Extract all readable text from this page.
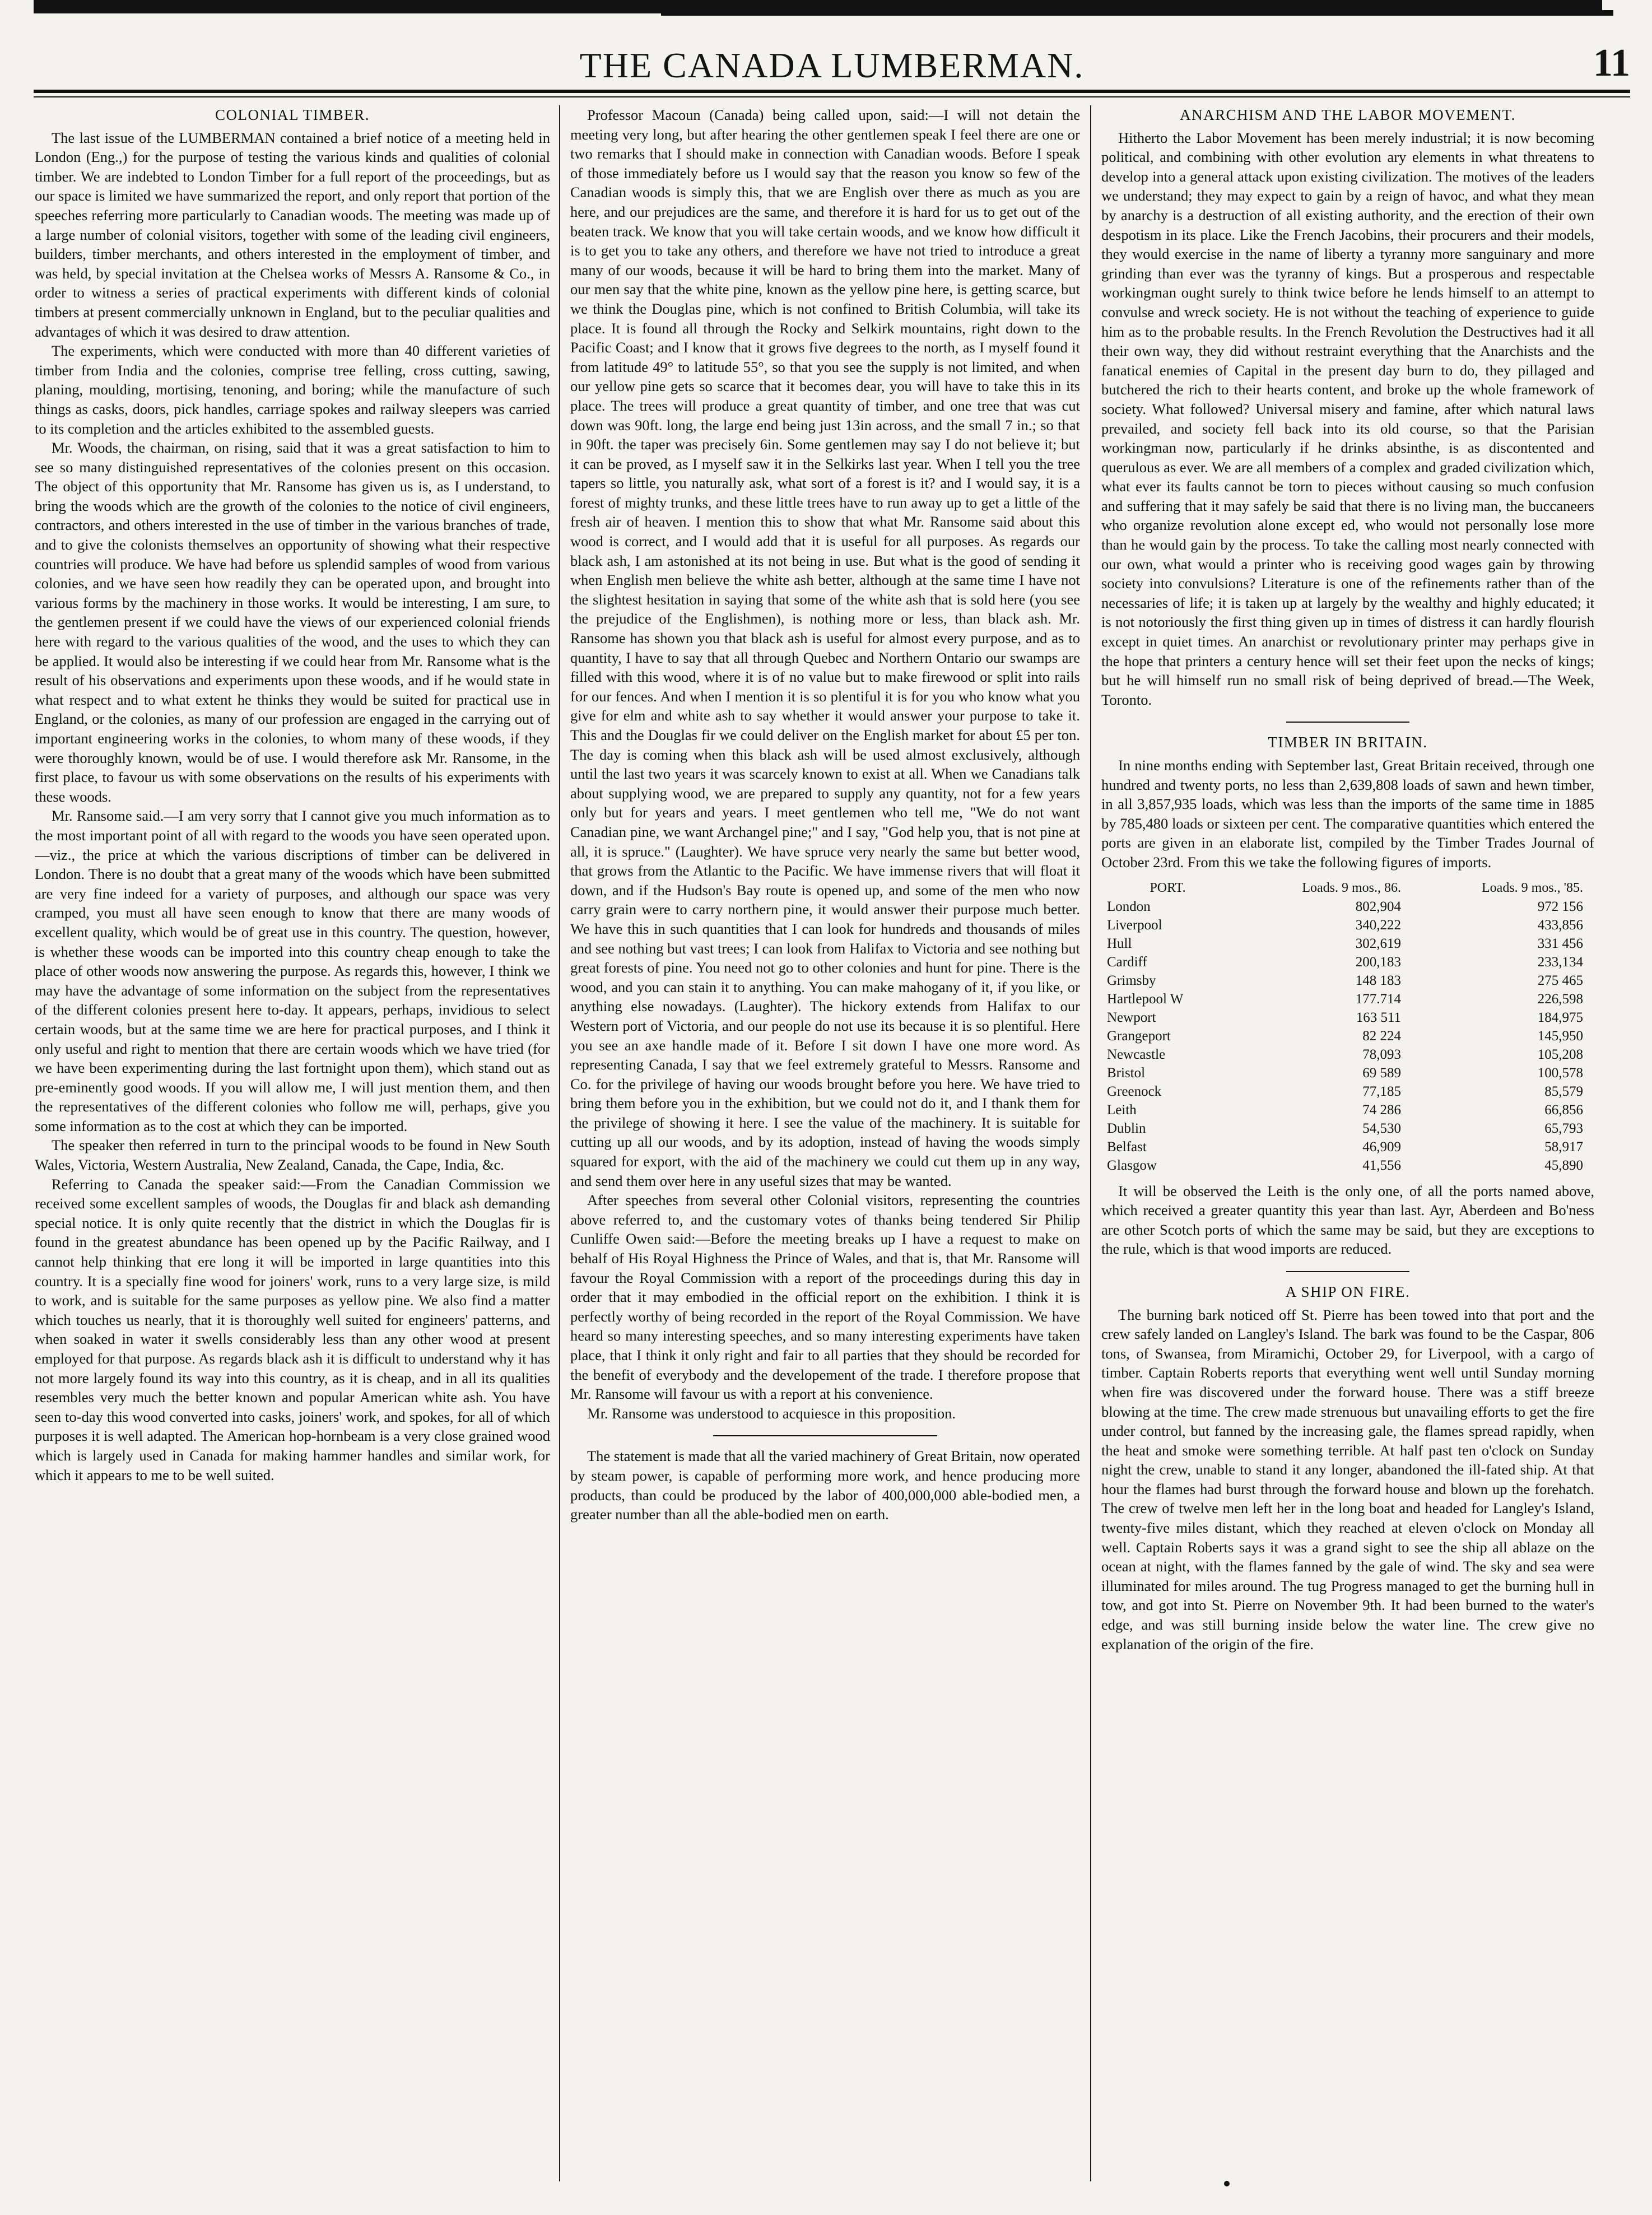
THE CANADA LUMBERMAN.	11
COLONIAL TIMBER.

The last issue of the LUMBERMAN contained a brief notice of a meeting held in London (Eng.,) for the purpose of testing the various kinds and qualities of colonial timber. We are indebted to London Timber for a full report of the proceedings, but as our space is limited we have summarized the report, and only report that portion of the speeches referring more particularly to Canadian woods. The meeting was made up of a large number of colonial visitors, together with some of the leading civil engineers, builders, timber merchants, and others interested in the employment of timber, and was held, by special invitation at the Chelsea works of Messrs A. Ransome & Co., in order to witness a series of practical experiments with different kinds of colonial timbers at present commercially unknown in England, but to the peculiar qualities and advantages of which it was desired to draw attention.

The experiments, which were conducted with more than 40 different varieties of timber from India and the colonies, comprise tree felling, cross cutting, sawing, planing, moulding, mortising, tenoning, and boring; while the manufacture of such things as casks, doors, pick handles, carriage spokes and railway sleepers was carried to its completion and the articles exhibited to the assembled guests.

Mr. Woods, the chairman, on rising, said that it was a great satisfaction to him to see so many distinguished representatives of the colonies present on this occasion. The object of this opportunity that Mr. Ransome has given us is, as I understand, to bring the woods which are the growth of the colonies to the notice of civil engineers, contractors, and others interested in the use of timber in the various branches of trade, and to give the colonists themselves an opportunity of showing what their respective countries will produce. We have had before us splendid samples of wood from various colonies, and we have seen how readily they can be operated upon, and brought into various forms by the machinery in those works. It would be interesting, I am sure, to the gentlemen present if we could have the views of our experienced colonial friends here with regard to the various qualities of the wood, and the uses to which they can be applied. It would also be interesting if we could hear from Mr. Ransome what is the result of his observations and experiments upon these woods, and if he would state in what respect and to what extent he thinks they would be suited for practical use in England, or the colonies, as many of our profession are engaged in the carrying out of important engineering works in the colonies, to whom many of these woods, if they were thoroughly known, would be of use. I would therefore ask Mr. Ransome, in the first place, to favour us with some observations on the results of his experiments with these woods.

Mr. Ransome said.—I am very sorry that I cannot give you much information as to the most important point of all with regard to the woods you have seen operated upon.—viz., the price at which the various discriptions of timber can be delivered in London. There is no doubt that a great many of the woods which have been submitted are very fine indeed for a variety of purposes, and although our space was very cramped, you must all have seen enough to know that there are many woods of excellent quality, which would be of great use in this country. The question, however, is whether these woods can be imported into this country cheap enough to take the place of other woods now answering the purpose. As regards this, however, I think we may have the advantage of some information on the subject from the representatives of the different colonies present here to-day. It appears, perhaps, invidious to select certain woods, but at the same time we are here for practical purposes, and I think it only useful and right to mention that there are certain woods which we have tried (for we have been experimenting during the last fortnight upon them), which stand out as pre-eminently good woods. If you will allow me, I will just mention them, and then the representatives of the different colonies who follow me will, perhaps, give you some information as to the cost at which they can be imported.

The speaker then referred in turn to the principal woods to be found in New South Wales, Victoria, Western Australia, New Zealand, Canada, the Cape, India, &c.

Referring to Canada the speaker said:—From the Canadian Commission we received some excellent samples of woods, the Douglas fir and black ash demanding special notice. It is only quite recently that the district in which the Douglas fir is found in the greatest abundance has been opened up by the Pacific Railway, and I cannot help thinking that ere long it will be imported in large quantities into this country. It is a specially fine wood for joiners' work, runs to a very large size, is mild to work, and is suitable for the same purposes as yellow pine. We also find a matter which touches us nearly, that it is thoroughly well suited for engineers' patterns, and when soaked in water it swells considerably less than any other wood at present employed for that purpose. As regards black ash it is difficult to understand why it has not more largely found its way into this country, as it is cheap, and in all its qualities resembles very much the better known and popular American white ash. You have seen to-day this wood converted into casks, joiners' work, and spokes, for all of which purposes it is well adapted. The American hop-hornbeam is a very close grained wood which is largely used in Canada for making hammer handles and similar work, for which it appears to me to be well suited.

Professor Macoun (Canada) being called upon, said:—I will not detain the meeting very long, but after hearing the other gentlemen speak I feel there are one or two remarks that I should make in connection with Canadian woods. Before I speak of those immediately before us I would say that the reason you know so few of the Canadian woods is simply this, that we are English over there as much as you are here, and our prejudices are the same, and therefore it is hard for us to get out of the beaten track. We know that you will take certain woods, and we know how difficult it is to get you to take any others, and therefore we have not tried to introduce a great many of our woods, because it will be hard to bring them into the market. Many of our men say that the white pine, known as the yellow pine here, is getting scarce, but we think the Douglas pine, which is not confined to British Columbia, will take its place. It is found all through the Rocky and Selkirk mountains, right down to the Pacific Coast; and I know that it grows five degrees to the north, as I myself found it from latitude 49° to latitude 55°, so that you see the supply is not limited, and when our yellow pine gets so scarce that it becomes dear, you will have to take this in its place. The trees will produce a great quantity of timber, and one tree that was cut down was 90ft. long, the large end being just 13in across, and the small 7 in.; so that in 90ft. the taper was precisely 6in. Some gentlemen may say I do not believe it; but it can be proved, as I myself saw it in the Selkirks last year. When I tell you the tree tapers so little, you naturally ask, what sort of a forest is it? and I would say, it is a forest of mighty trunks, and these little trees have to run away up to get a little of the fresh air of heaven. I mention this to show that what Mr. Ransome said about this wood is correct, and I would add that it is useful for all purposes. As regards our black ash, I am astonished at its not being in use. But what is the good of sending it when English men believe the white ash better, although at the same time I have not the slightest hesitation in saying that some of the white ash that is sold here (you see the prejudice of the Englishmen), is nothing more or less, than black ash. Mr. Ransome has shown you that black ash is useful for almost every purpose, and as to quantity, I have to say that all through Quebec and Northern Ontario our swamps are filled with this wood, where it is of no value but to make firewood or split into rails for our fences. And when I mention it is so plentiful it is for you who know what you give for elm and white ash to say whether it would answer your purpose to take it. This and the Douglas fir we could deliver on the English market for about £5 per ton. The day is coming when this black ash will be used almost exclusively, although until the last two years it was scarcely known to exist at all. When we Canadians talk about supplying wood, we are prepared to supply any quantity, not for a few years only but for years and years. I meet gentlemen who tell me, "We do not want Canadian pine, we want Archangel pine;" and I say, "God help you, that is not pine at all, it is spruce." (Laughter). We have spruce very nearly the same but better wood, that grows from the Atlantic to the Pacific. We have immense rivers that will float it down, and if the Hudson's Bay route is opened up, and some of the men who now carry grain were to carry northern pine, it would answer their purpose much better. We have this in such quantities that I can look for hundreds and thousands of miles and see nothing but vast trees; I can look from Halifax to Victoria and see nothing but great forests of pine. You need not go to other colonies and hunt for pine. There is the wood, and you can stain it to anything. You can make mahogany of it, if you like, or anything else nowadays. (Laughter). The hickory extends from Halifax to our Western port of Victoria, and our people do not use its because it is so plentiful. Here you see an axe handle made of it. Before I sit down I have one more word. As representing Canada, I say that we feel extremely grateful to Messrs. Ransome and Co. for the privilege of having our woods brought before you here. We have tried to bring them before you in the exhibition, but we could not do it, and I thank them for the privilege of showing it here. I see the value of the machinery. It is suitable for cutting up all our woods, and by its adoption, instead of having the woods simply squared for export, with the aid of the machinery we could cut them up in any way, and send them over here in any useful sizes that may be wanted.

After speeches from several other Colonial visitors, representing the countries above referred to, and the customary votes of thanks being tendered Sir Philip Cunliffe Owen said:—Before the meeting breaks up I have a request to make on behalf of His Royal Highness the Prince of Wales, and that is, that Mr. Ransome will favour the Royal Commission with a report of the proceedings during this day in order that it may embodied in the official report on the exhibition. I think it is perfectly worthy of being recorded in the report of the Royal Commission. We have heard so many interesting speeches, and so many interesting experiments have taken place, that I think it only right and fair to all parties that they should be recorded for the benefit of everybody and the developement of the trade. I therefore propose that Mr. Ransome will favour us with a report at his convenience.

Mr. Ransome was understood to acquiesce in this proposition.

The statement is made that all the varied machinery of Great Britain, now operated by steam power, is capable of performing more work, and hence producing more products, than could be produced by the labor of 400,000,000 able-bodied men, a greater number than all the able-bodied men on earth.

ANARCHISM AND THE LABOR MOVEMENT.

Hitherto the Labor Movement has been merely industrial; it is now becoming political, and combining with other evolution ary elements in what threatens to develop into a general attack upon existing civilization. The motives of the leaders we understand; they may expect to gain by a reign of havoc, and what they mean by anarchy is a destruction of all existing authority, and the erection of their own despotism in its place. Like the French Jacobins, their procurers and their models, they would exercise in the name of liberty a tyranny more sanguinary and more grinding than ever was the tyranny of kings. But a prosperous and respectable workingman ought surely to think twice before he lends himself to an attempt to convulse and wreck society. He is not without the teaching of experience to guide him as to the probable results. In the French Revolution the Destructives had it all their own way, they did without restraint everything that the Anarchists and the fanatical enemies of Capital in the present day burn to do, they pillaged and butchered the rich to their hearts content, and broke up the whole framework of society. What followed? Universal misery and famine, after which natural laws prevailed, and society fell back into its old course, so that the Parisian workingman now, particularly if he drinks absinthe, is as discontented and querulous as ever. We are all members of a complex and graded civilization which, what ever its faults cannot be torn to pieces without causing so much confusion and suffering that it may safely be said that there is no living man, the buccaneers who organize revolution alone except ed, who would not personally lose more than he would gain by the process. To take the calling most nearly connected with our own, what would a printer who is receiving good wages gain by throwing society into convulsions? Literature is one of the refinements rather than of the necessaries of life; it is taken up at largely by the wealthy and highly educated; it is not notoriously the first thing given up in times of distress it can hardly flourish except in quiet times. An anarchist or revolutionary printer may perhaps give in the hope that printers a century hence will set their feet upon the necks of kings; but he will himself run no small risk of being deprived of bread.—The Week, Toronto.

TIMBER IN BRITAIN.

In nine months ending with September last, Great Britain received, through one hundred and twenty ports, no less than 2,639,808 loads of sawn and hewn timber, in all 3,857,935 loads, which was less than the imports of the same time in 1885 by 785,480 loads or sixteen per cent. The comparative quantities which entered the ports are given in an elaborate list, compiled by the Timber Trades Journal of October 23rd. From this we take the following figures of imports.

PORT.	Loads. 9 mos., 86.	Loads. 9 mos., '85.
London	802,904	972 156
Liverpool	340,222	433,856
Hull	302,619	331 456
Cardiff	200,183	233,134
Grimsby	148 183	275 465
Hartlepool W	177.714	226,598
Newport	163 511	184,975
Grangeport	82 224	145,950
Newcastle	78,093	105,208
Bristol	69 589	100,578
Greenock	77,185	85,579
Leith	74 286	66,856
Dublin	54,530	65,793
Belfast	46,909	58,917
Glasgow	41,556	45,890

It will be observed the Leith is the only one, of all the ports named above, which received a greater quantity this year than last. Ayr, Aberdeen and Bo'ness are other Scotch ports of which the same may be said, but they are exceptions to the rule, which is that wood imports are reduced.

A SHIP ON FIRE.

The burning bark noticed off St. Pierre has been towed into that port and the crew safely landed on Langley's Island. The bark was found to be the Caspar, 806 tons, of Swansea, from Miramichi, October 29, for Liverpool, with a cargo of timber. Captain Roberts reports that everything went well until Sunday morning when fire was discovered under the forward house. There was a stiff breeze blowing at the time. The crew made strenuous but unavailing efforts to get the fire under control, but fanned by the increasing gale, the flames spread rapidly, when the heat and smoke were something terrible. At half past ten o'clock on Sunday night the crew, unable to stand it any longer, abandoned the ill-fated ship. At that hour the flames had burst through the forward house and blown up the forehatch. The crew of twelve men left her in the long boat and headed for Langley's Island, twenty-five miles distant, which they reached at eleven o'clock on Monday all well. Captain Roberts says it was a grand sight to see the ship all ablaze on the ocean at night, with the flames fanned by the gale of wind. The sky and sea were illuminated for miles around. The tug Progress managed to get the burning hull in tow, and got into St. Pierre on November 9th. It had been burned to the water's edge, and was still burning inside below the water line. The crew give no explanation of the origin of the fire.
